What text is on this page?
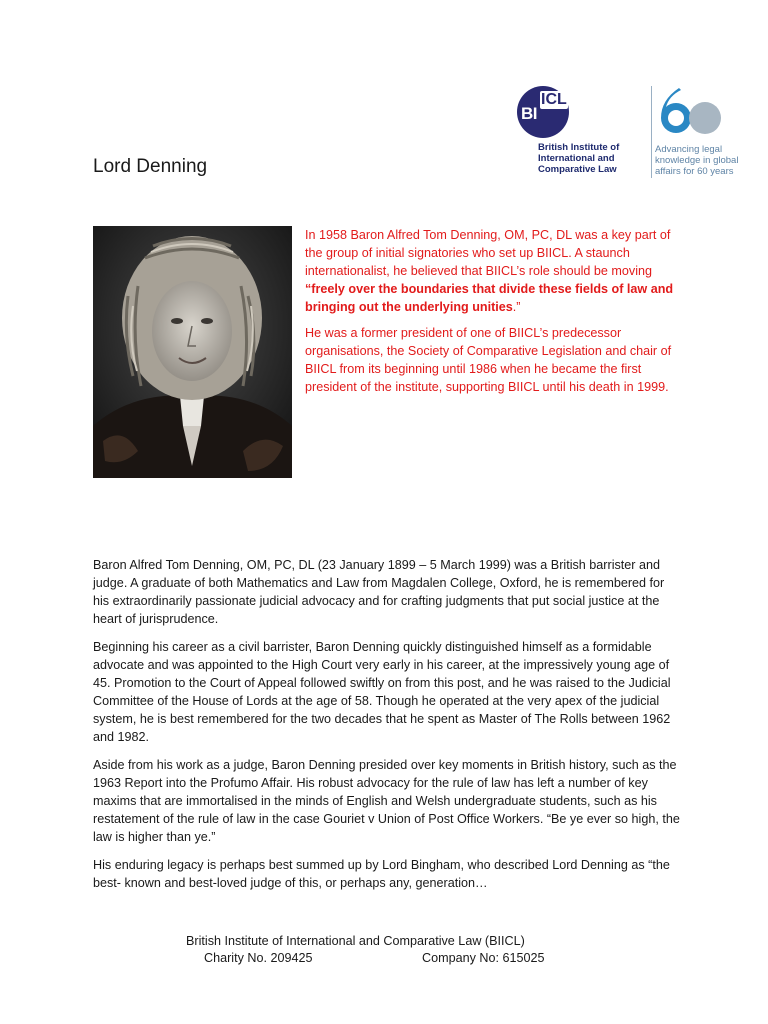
BI
ICL
British Institute of
International and
Comparative Law
Advancing legal
knowledge in global
affairs for 60 years
Lord Denning

In 1958 Baron Alfred Tom Denning, OM, PC, DL was a key part of the group of initial signatories who set up BIICL. A staunch internationalist, he believed that BIICL’s role should be moving “freely over the boundaries that divide these fields of law and bringing out the underlying unities.”

He was a former president of one of BIICL’s predecessor organisations, the Society of Comparative Legislation and chair of BIICL from its beginning until 1986 when he became the first president of the institute, supporting BIICL until his death in 1999.

Baron Alfred Tom Denning, OM, PC, DL (23 January 1899 – 5 March 1999) was a British barrister and judge. A graduate of both Mathematics and Law from Magdalen College, Oxford, he is remembered for his extraordinarily passionate judicial advocacy and for crafting judgments that put social justice at the heart of jurisprudence.

Beginning his career as a civil barrister, Baron Denning quickly distinguished himself as a formidable advocate and was appointed to the High Court very early in his career, at the impressively young age of 45. Promotion to the Court of Appeal followed swiftly on from this post, and he was raised to the Judicial Committee of the House of Lords at the age of 58. Though he operated at the very apex of the judicial system, he is best remembered for the two decades that he spent as Master of The Rolls between 1962 and 1982.

Aside from his work as a judge, Baron Denning presided over key moments in British history, such as the 1963 Report into the Profumo Affair. His robust advocacy for the rule of law has left a number of key maxims that are immortalised in the minds of English and Welsh undergraduate students, such as his restatement of the rule of law in the case Gouriet v Union of Post Office Workers. “Be ye ever so high, the law is higher than ye.”

His enduring legacy is perhaps best summed up by Lord Bingham, who described Lord Denning as “the best- known and best-loved judge of this, or perhaps any, generation…

British Institute of International and Comparative Law (BIICL)
Charity No. 209425	Company No: 615025
